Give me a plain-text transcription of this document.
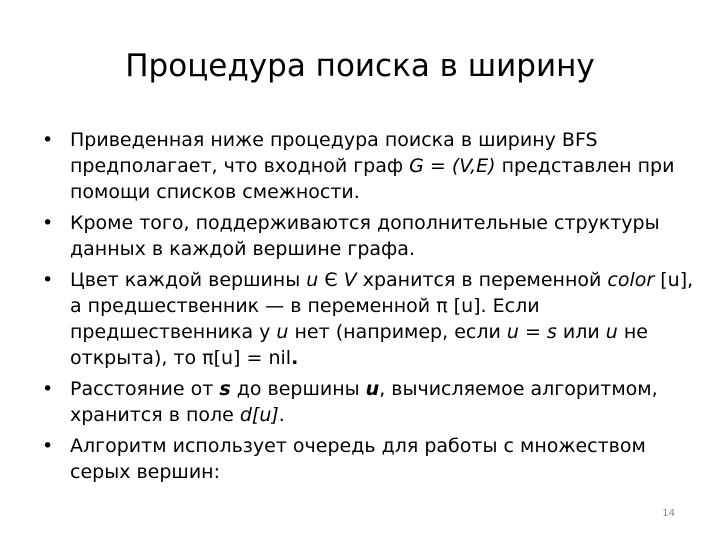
Процедура поиска в ширину
• Приведенная ниже процедура поиска в ширину BFS предполагает, что входной граф G = (V,E) представлен при помощи списков смежности.
• Кроме того, поддерживаются дополнительные структуры данных в каждой вершине графа.
• Цвет каждой вершины u Є V хранится в переменной color [u], а предшественник — в переменной π [u]. Если предшественника у u нет (например, если u = s или u не открыта), то π[u] = nil.
• Расстояние от s до вершины u, вычисляемое алгоритмом, хранится в поле d[u].
• Алгоритм использует очередь для работы с множеством серых вершин:
14
